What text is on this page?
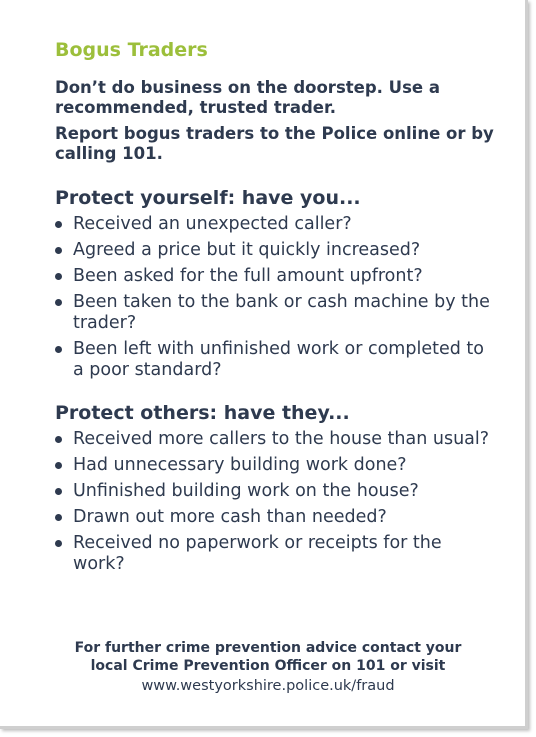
Bogus Traders

Don’t do business on the doorstep. Use a recommended, trusted trader.

Report bogus traders to the Police online or by calling 101.

Protect yourself: have you...
Received an unexpected caller?
Agreed a price but it quickly increased?
Been asked for the full amount upfront?
Been taken to the bank or cash machine by the trader?
Been left with unfinished work or completed to a poor standard?
Protect others: have they...
Received more callers to the house than usual?
Had unnecessary building work done?
Unfinished building work on the house?
Drawn out more cash than needed?
Received no paperwork or receipts for the work?

For further crime prevention advice contact your

local Crime Prevention Officer on 101 or visit

www.westyorkshire.police.uk/fraud
